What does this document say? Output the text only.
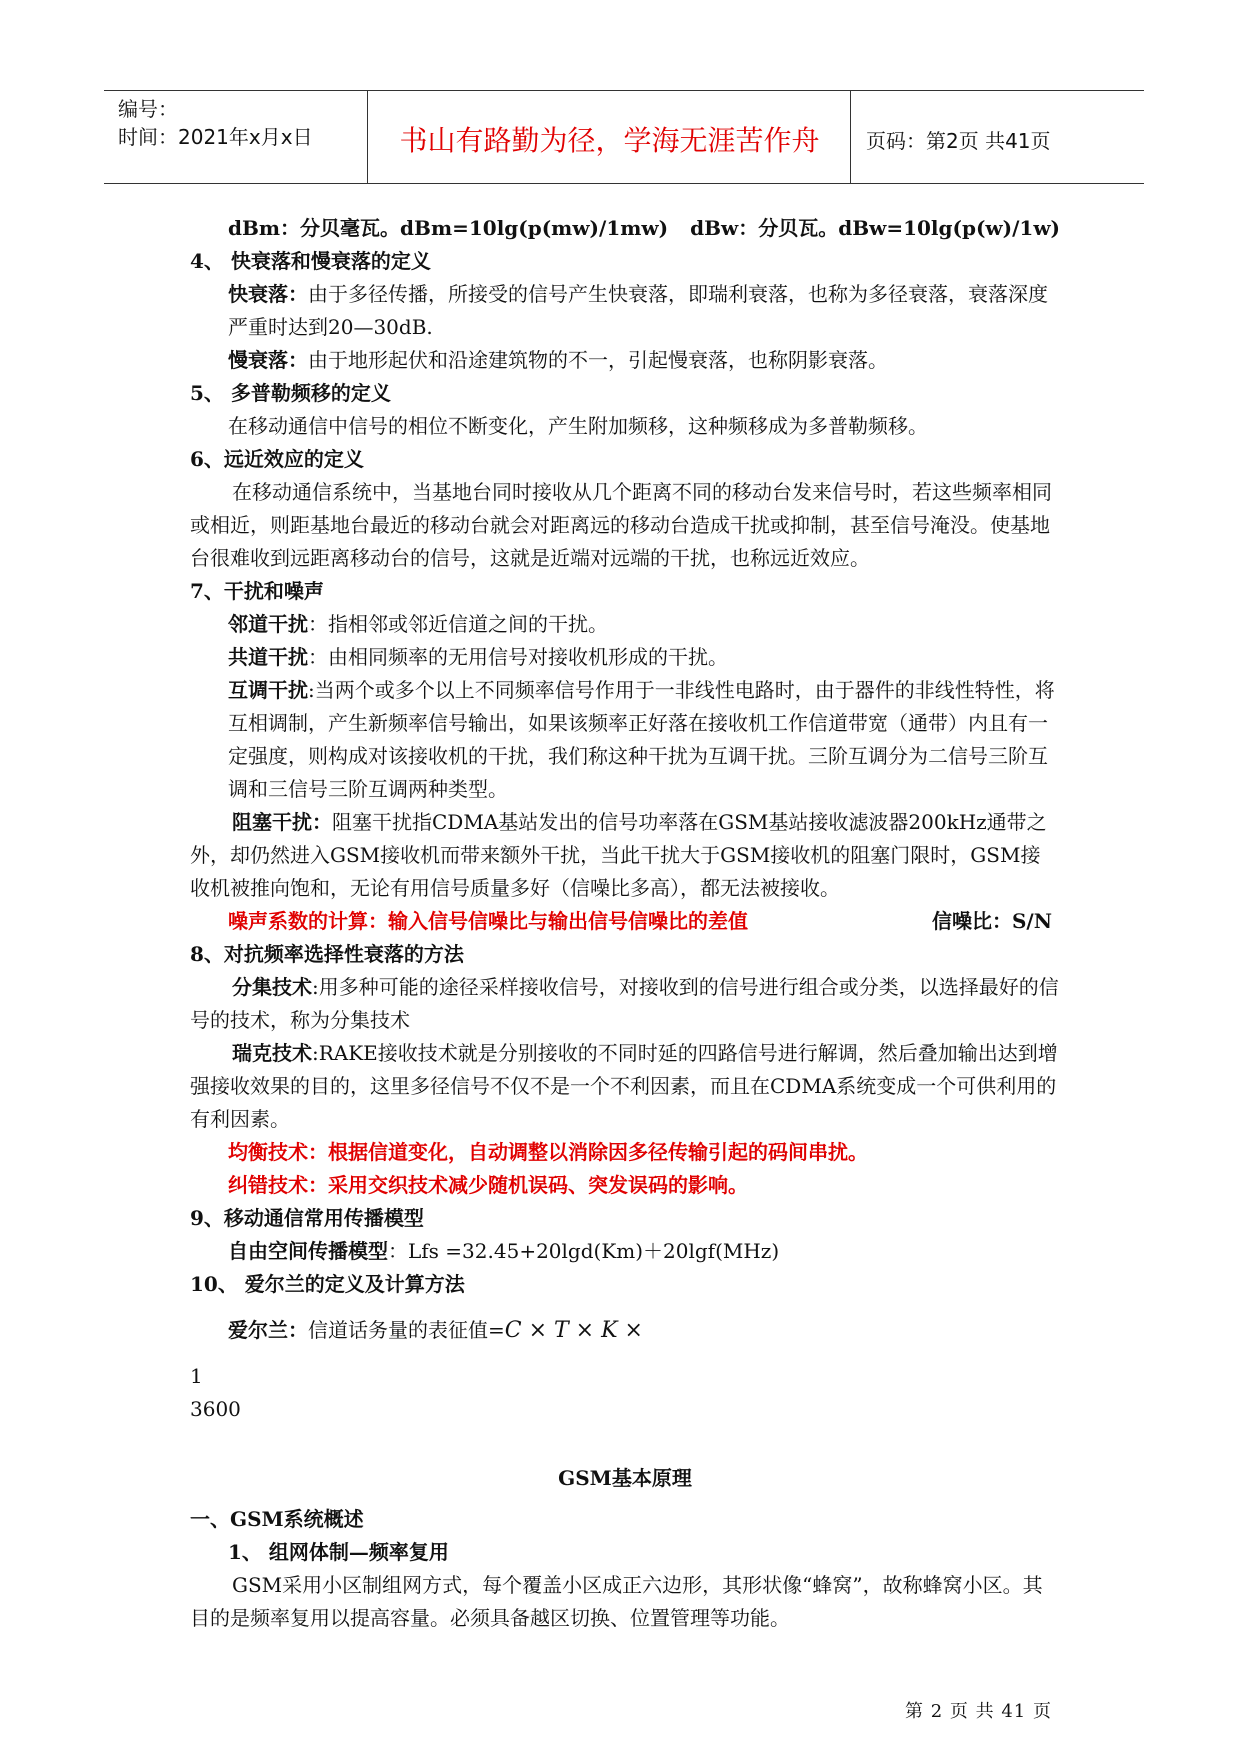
编号：
时间：2021年x月x日	书山有路勤为径，学海无涯苦作舟	页码：第2页 共41页

dBm：分贝毫瓦。dBm=10lg(p(mw)/1mw) dBw：分贝瓦。dBw=10lg(p(w)/1w)

4、 快衰落和慢衰落的定义

快衰落：由于多径传播，所接受的信号产生快衰落，即瑞利衰落，也称为多径衰落，衰落深度严重时达到20—30dB.

慢衰落：由于地形起伏和沿途建筑物的不一，引起慢衰落，也称阴影衰落。

5、 多普勒频移的定义

在移动通信中信号的相位不断变化，产生附加频移，这种频移成为多普勒频移。

6、远近效应的定义

在移动通信系统中，当基地台同时接收从几个距离不同的移动台发来信号时，若这些频率相同或相近，则距基地台最近的移动台就会对距离远的移动台造成干扰或抑制，甚至信号淹没。使基地台很难收到远距离移动台的信号，这就是近端对远端的干扰，也称远近效应。

7、干扰和噪声

邻道干扰：指相邻或邻近信道之间的干扰。

共道干扰：由相同频率的无用信号对接收机形成的干扰。

互调干扰:当两个或多个以上不同频率信号作用于一非线性电路时，由于器件的非线性特性，将互相调制，产生新频率信号输出，如果该频率正好落在接收机工作信道带宽（通带）内且有一定强度，则构成对该接收机的干扰，我们称这种干扰为互调干扰。三阶互调分为二信号三阶互调和三信号三阶互调两种类型。

阻塞干扰：阻塞干扰指CDMA基站发出的信号功率落在GSM基站接收滤波器200kHz通带之外，却仍然进入GSM接收机而带来额外干扰，当此干扰大于GSM接收机的阻塞门限时，GSM接收机被推向饱和，无论有用信号质量多好（信噪比多高），都无法被接收。

噪声系数的计算：输入信号信噪比与输出信号信噪比的差值	信噪比：S/N

8、对抗频率选择性衰落的方法

分集技术:用多种可能的途径采样接收信号，对接收到的信号进行组合或分类，以选择最好的信号的技术，称为分集技术

瑞克技术:RAKE接收技术就是分别接收的不同时延的四路信号进行解调，然后叠加输出达到增强接收效果的目的，这里多径信号不仅不是一个不利因素，而且在CDMA系统变成一个可供利用的有利因素。

均衡技术：根据信道变化，自动调整以消除因多径传输引起的码间串扰。

纠错技术：采用交织技术减少随机误码、突发误码的影响。

9、移动通信常用传播模型

自由空间传播模型：Lfs =32.45+20lgd(Km)＋20lgf(MHz)

10、 爱尔兰的定义及计算方法

爱尔兰：信道话务量的表征值=C × T × K ×

1
3600

GSM基本原理

一、GSM系统概述

1、 组网体制—频率复用

GSM采用小区制组网方式，每个覆盖小区成正六边形，其形状像“蜂窝”，故称蜂窝小区。其目的是频率复用以提高容量。必须具备越区切换、位置管理等功能。

第 2 页 共 41 页
